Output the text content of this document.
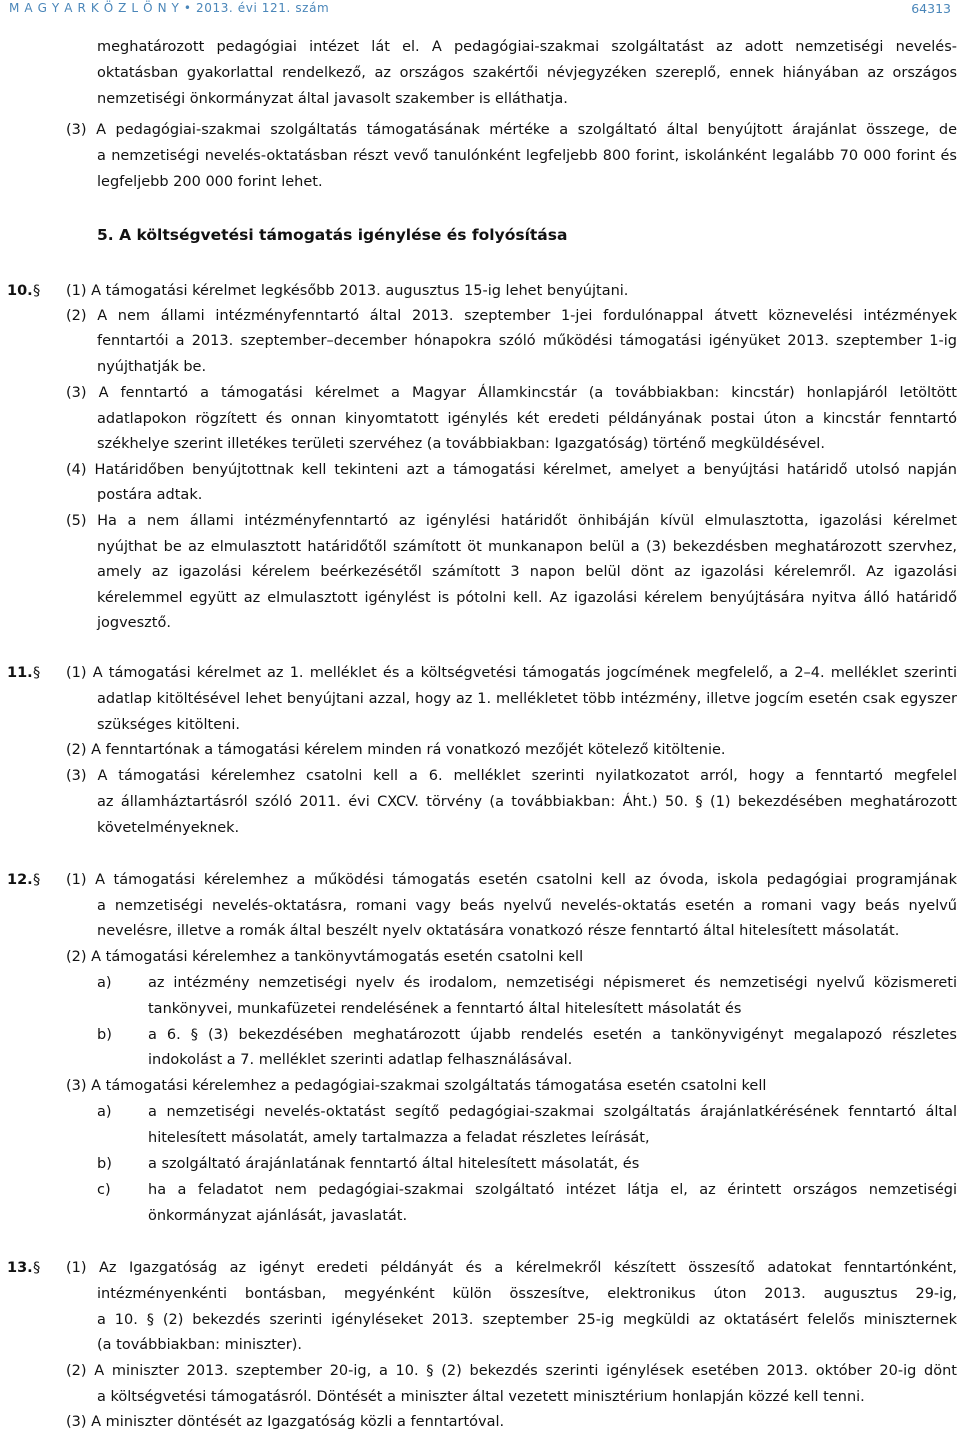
M A G Y A R K Ö Z L Ö N Y • 2013. évi 121. szám	64313
10. §
11. §
12. §
13. §
meghatározott pedagógiai intézet lát el. A pedagógiai-szakmai szolgáltatást az adott nemzetiségi nevelés-
oktatásban gyakorlattal rendelkező, az országos szakértői névjegyzéken szereplő, ennek hiányában az országos
nemzetiségi önkormányzat által javasolt szakember is elláthatja.
(3) A pedagógiai-szakmai szolgáltatás támogatásának mértéke a szolgáltató által benyújtott árajánlat összege, de
a nemzetiségi nevelés-oktatásban részt vevő tanulónként legfeljebb 800 forint, iskolánként legalább 70 000 forint és
legfeljebb 200 000 forint lehet.
5. A költségvetési támogatás igénylése és folyósítása
(1) A támogatási kérelmet legkésőbb 2013. augusztus 15-ig lehet benyújtani.
(2) A nem állami intézményfenntartó által 2013. szeptember 1-jei fordulónappal átvett köznevelési intézmények
fenntartói a 2013. szeptember–december hónapokra szóló működési támogatási igényüket 2013. szeptember 1-ig
nyújthatják be.
(3) A fenntartó a támogatási kérelmet a Magyar Államkincstár (a továbbiakban: kincstár) honlapjáról letöltött
adatlapokon rögzített és onnan kinyomtatott igénylés két eredeti példányának postai úton a kincstár fenntartó
székhelye szerint illetékes területi szervéhez (a továbbiakban: Igazgatóság) történő megküldésével.
(4) Határidőben benyújtottnak kell tekinteni azt a támogatási kérelmet, amelyet a benyújtási határidő utolsó napján
postára adtak.
(5) Ha a nem állami intézményfenntartó az igénylési határidőt önhibáján kívül elmulasztotta, igazolási kérelmet
nyújthat be az elmulasztott határidőtől számított öt munkanapon belül a (3) bekezdésben meghatározott szervhez,
amely az igazolási kérelem beérkezésétől számított 3 napon belül dönt az igazolási kérelemről. Az igazolási
kérelemmel együtt az elmulasztott igénylést is pótolni kell. Az igazolási kérelem benyújtására nyitva álló határidő
jogvesztő.
(1) A támogatási kérelmet az 1. melléklet és a költségvetési támogatás jogcímének megfelelő, a 2–4. melléklet szerinti
adatlap kitöltésével lehet benyújtani azzal, hogy az 1. mellékletet több intézmény, illetve jogcím esetén csak egyszer
szükséges kitölteni.
(2) A fenntartónak a támogatási kérelem minden rá vonatkozó mezőjét kötelező kitöltenie.
(3) A támogatási kérelemhez csatolni kell a 6. melléklet szerinti nyilatkozatot arról, hogy a fenntartó megfelel
az államháztartásról szóló 2011. évi CXCV. törvény (a továbbiakban: Áht.) 50. § (1) bekezdésében meghatározott
követelményeknek.
(1) A támogatási kérelemhez a működési támogatás esetén csatolni kell az óvoda, iskola pedagógiai programjának
a nemzetiségi nevelés-oktatásra, romani vagy beás nyelvű nevelés-oktatás esetén a romani vagy beás nyelvű
nevelésre, illetve a romák által beszélt nyelv oktatására vonatkozó része fenntartó által hitelesített másolatát.
(2) A támogatási kérelemhez a tankönyvtámogatás esetén csatolni kell
a)	az intézmény nemzetiségi nyelv és irodalom, nemzetiségi népismeret és nemzetiségi nyelvű közismereti
tankönyvei, munkafüzetei rendelésének a fenntartó által hitelesített másolatát és
b) a 6. § (3) bekezdésében meghatározott újabb rendelés esetén a tankönyvigényt megalapozó részletes
indokolást a 7. melléklet szerinti adatlap felhasználásával.
(3) A támogatási kérelemhez a pedagógiai-szakmai szolgáltatás támogatása esetén csatolni kell
a)	a nemzetiségi nevelés-oktatást segítő pedagógiai-szakmai szolgáltatás árajánlatkérésének fenntartó által
hitelesített másolatát, amely tartalmazza a feladat részletes leírását,
b) a szolgáltató árajánlatának fenntartó által hitelesített másolatát, és
c)	ha a feladatot nem pedagógiai-szakmai szolgáltató intézet látja el, az érintett országos nemzetiségi
önkormányzat ajánlását, javaslatát.
(1) Az Igazgatóság az igényt eredeti példányát és a kérelmekről készített összesítő adatokat fenntartónként,
intézményenkénti bontásban, megyénként külön összesítve, elektronikus úton 2013. augusztus 29-ig,
a 10. § (2) bekezdés szerinti igényléseket 2013. szeptember 25-ig megküldi az oktatásért felelős miniszternek
(a továbbiakban: miniszter).
(2) A miniszter 2013. szeptember 20-ig, a 10. § (2) bekezdés szerinti igénylések esetében 2013. október 20-ig dönt
a költségvetési támogatásról. Döntését a miniszter által vezetett minisztérium honlapján közzé kell tenni.
(3) A miniszter döntését az Igazgatóság közli a fenntartóval.
